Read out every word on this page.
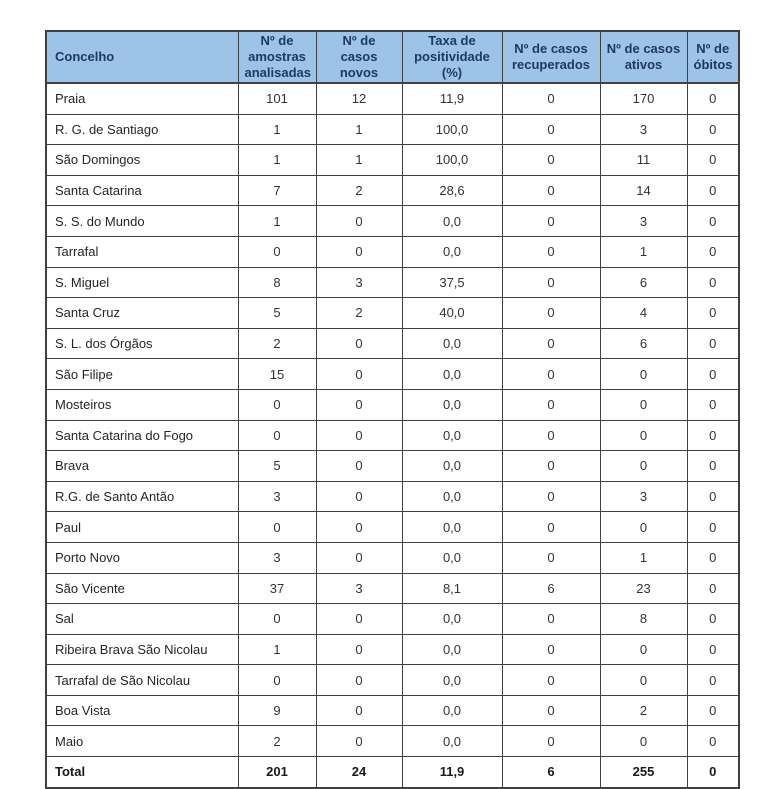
Concelho	Nº de amostras analisadas	Nº de casos novos	Taxa de positividade (%)	Nº de casos recuperados	Nº de casos ativos	Nº de óbitos
Praia	101	12	11,9	0	170	0
R. G. de Santiago	1	1	100,0	0	3	0
São Domingos	1	1	100,0	0	11	0
Santa Catarina	7	2	28,6	0	14	0
S. S. do Mundo	1	0	0,0	0	3	0
Tarrafal	0	0	0,0	0	1	0
S. Miguel	8	3	37,5	0	6	0
Santa Cruz	5	2	40,0	0	4	0
S. L. dos Órgãos	2	0	0,0	0	6	0
São Filipe	15	0	0,0	0	0	0
Mosteiros	0	0	0,0	0	0	0
Santa Catarina do Fogo	0	0	0,0	0	0	0
Brava	5	0	0,0	0	0	0
R.G. de Santo Antão	3	0	0,0	0	3	0
Paul	0	0	0,0	0	0	0
Porto Novo	3	0	0,0	0	1	0
São Vicente	37	3	8,1	6	23	0
Sal	0	0	0,0	0	8	0
Ribeira Brava São Nicolau	1	0	0,0	0	0	0
Tarrafal de São Nicolau	0	0	0,0	0	0	0
Boa Vista	9	0	0,0	0	2	0
Maio	2	0	0,0	0	0	0
Total	201	24	11,9	6	255	0
